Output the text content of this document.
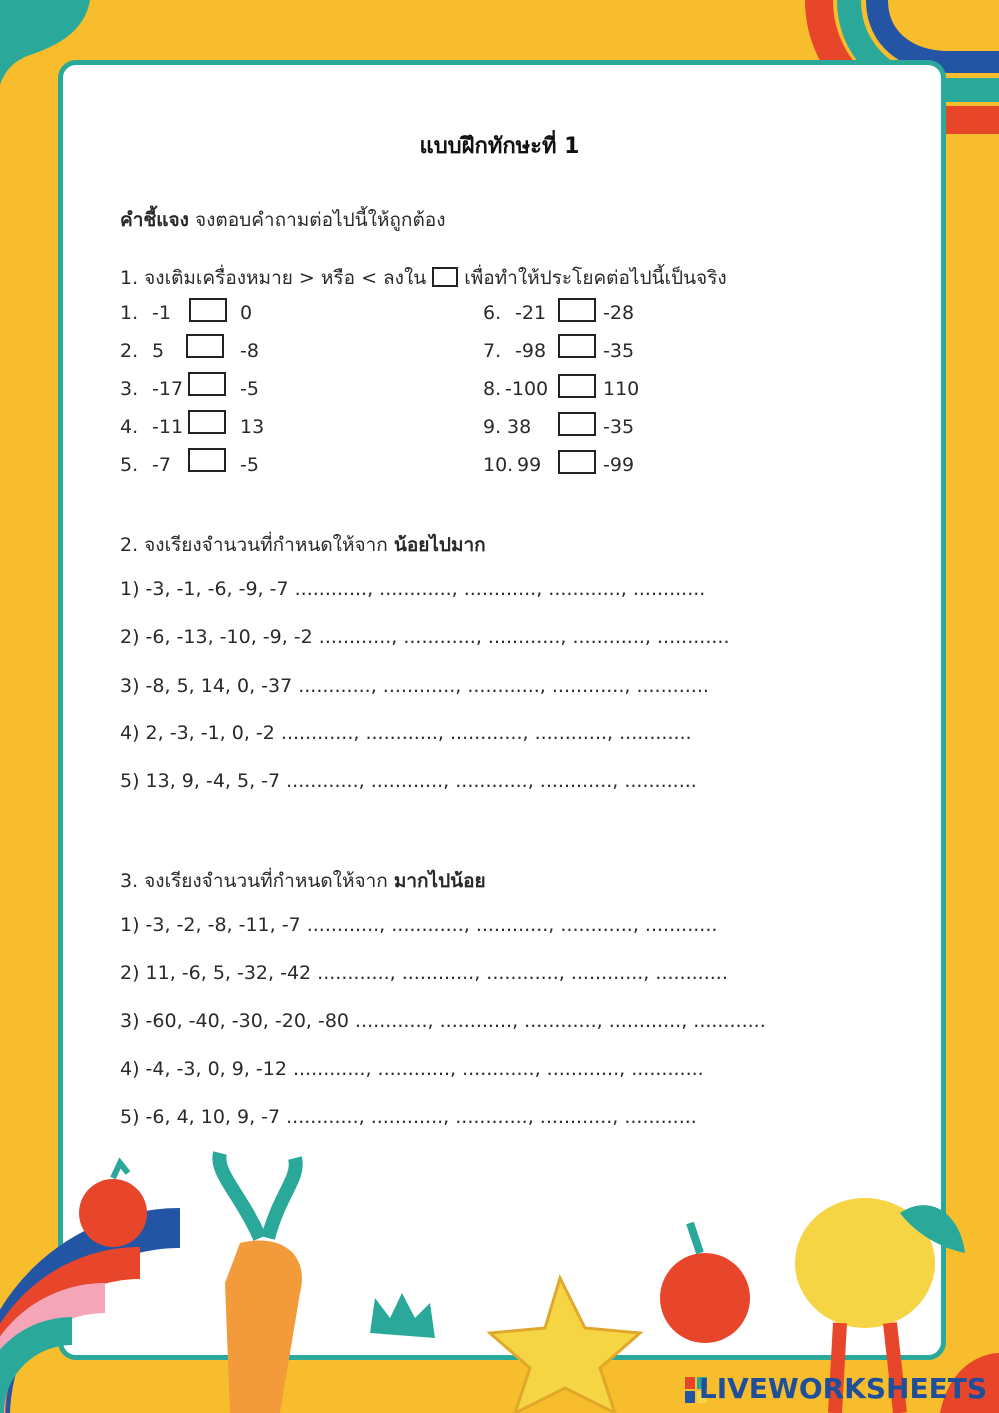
แบบฝึกทักษะที่ 1
คำชี้แจง จงตอบคำถามต่อไปนี้ให้ถูกต้อง
1. จงเติมเครื่องหมาย > หรือ < ลงใน เพื่อทำให้ประโยคต่อไปนี้เป็นจริง
1. -1	0
2. 5	-8
3. -17	-5
4. -11	13
5. -7	-5
6. -21	-28
7. -98	-35
8. -100	110
9. 38	-35
10. 99	-99
2. จงเรียงจำนวนที่กำหนดให้จาก น้อยไปมาก
1) -3, -1, -6, -9, -7 ............, ............, ............, ............, ............
2) -6, -13, -10, -9, -2 ............, ............, ............, ............, ............
3) -8, 5, 14, 0, -37 ............, ............, ............, ............, ............
4) 2, -3, -1, 0, -2 ............, ............, ............, ............, ............
5) 13, 9, -4, 5, -7 ............, ............, ............, ............, ............
3. จงเรียงจำนวนที่กำหนดให้จาก มากไปน้อย
1) -3, -2, -8, -11, -7 ............, ............, ............, ............, ............
2) 11, -6, 5, -32, -42 ............, ............, ............, ............, ............
3) -60, -40, -30, -20, -80 ............, ............, ............, ............, ............
4) -4, -3, 0, 9, -12 ............, ............, ............, ............, ............
5) -6, 4, 10, 9, -7 ............, ............, ............, ............, ............
LIVEWORKSHEETS
